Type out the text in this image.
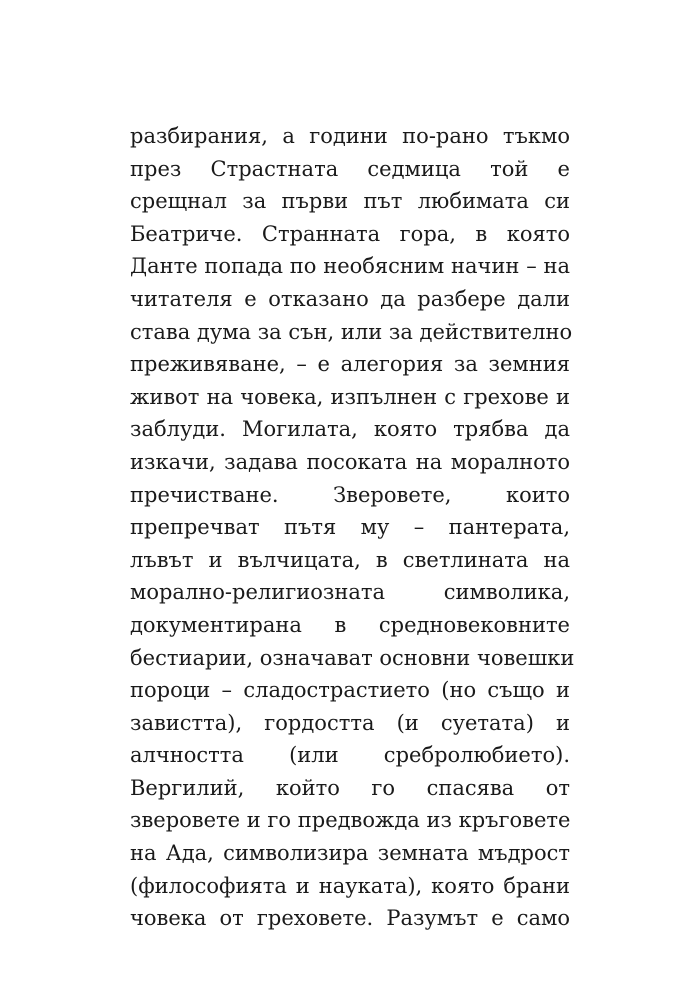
разбирания, а години по-рано тъкмо
през Страстната седмица той е
срещнал за първи път любимата си
Беатриче. Странната гора, в която
Данте попада по необясним начин – на
читателя е отказано да разбере дали
става дума за сън, или за действително
преживяване, – е алегория за земния
живот на човека, изпълнен с грехове и
заблуди. Могилата, която трябва да
изкачи, задава посоката на моралното
пречистване. Зверовете, които
препречват пътя му – пантерата,
лъвът и вълчицата, в светлината на
морално-религиозната символика,
документирана в средновековните
бестиарии, означават основни човешки
пороци – сладострастието (но също и
завистта), гордостта (и суетата) и
алчността (или сребролюбието).
Вергилий, който го спасява от
зверовете и го предвожда из кръговете
на Ада, символизира земната мъдрост
(философията и науката), която брани
човека от греховете. Разумът е само
